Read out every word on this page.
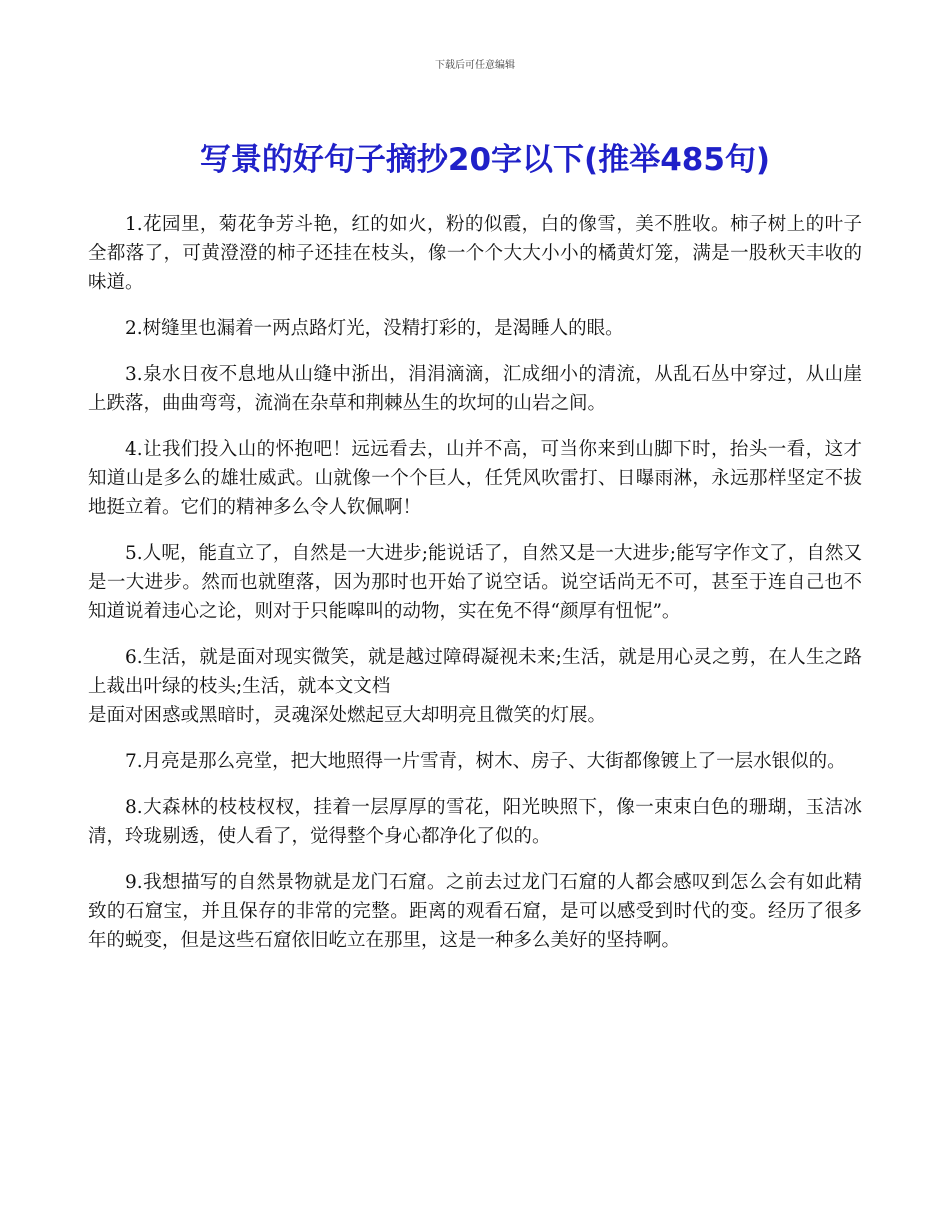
下载后可任意编辑
写景的好句子摘抄20字以下(推举485句)

1.花园里，菊花争芳斗艳，红的如火，粉的似霞，白的像雪，美不胜收。柿子树上的叶子全都落了，可黄澄澄的柿子还挂在枝头，像一个个大大小小的橘黄灯笼，满是一股秋天丰收的味道。

2.树缝里也漏着一两点路灯光，没精打彩的，是渴睡人的眼。

3.泉水日夜不息地从山缝中浙出，涓涓滴滴，汇成细小的清流，从乱石丛中穿过，从山崖上跌落，曲曲弯弯，流淌在杂草和荆棘丛生的坎坷的山岩之间。

4.让我们投入山的怀抱吧！远远看去，山并不高，可当你来到山脚下时，抬头一看，这才知道山是多么的雄壮威武。山就像一个个巨人，任凭风吹雷打、日曝雨淋，永远那样坚定不拔地挺立着。它们的精神多么令人钦佩啊！

5.人呢，能直立了，自然是一大进步;能说话了，自然又是一大进步;能写字作文了，自然又是一大进步。然而也就堕落，因为那时也开始了说空话。说空话尚无不可，甚至于连自己也不知道说着违心之论，则对于只能嗥叫的动物，实在免不得“颜厚有忸怩”。

6.生活，就是面对现实微笑，就是越过障碍凝视未来;生活，就是用心灵之剪，在人生之路上裁出叶绿的枝头;生活，就本文文档
是面对困惑或黑暗时，灵魂深处燃起豆大却明亮且微笑的灯展。

7.月亮是那么亮堂，把大地照得一片雪青，树木、房子、大街都像镀上了一层水银似的。

8.大森林的枝枝杈杈，挂着一层厚厚的雪花，阳光映照下，像一束束白色的珊瑚，玉洁冰清，玲珑剔透，使人看了，觉得整个身心都净化了似的。

9.我想描写的自然景物就是龙门石窟。之前去过龙门石窟的人都会感叹到怎么会有如此精致的石窟宝，并且保存的非常的完整。距离的观看石窟，是可以感受到时代的变。经历了很多年的蜕变，但是这些石窟依旧屹立在那里，这是一种多么美好的坚持啊。
